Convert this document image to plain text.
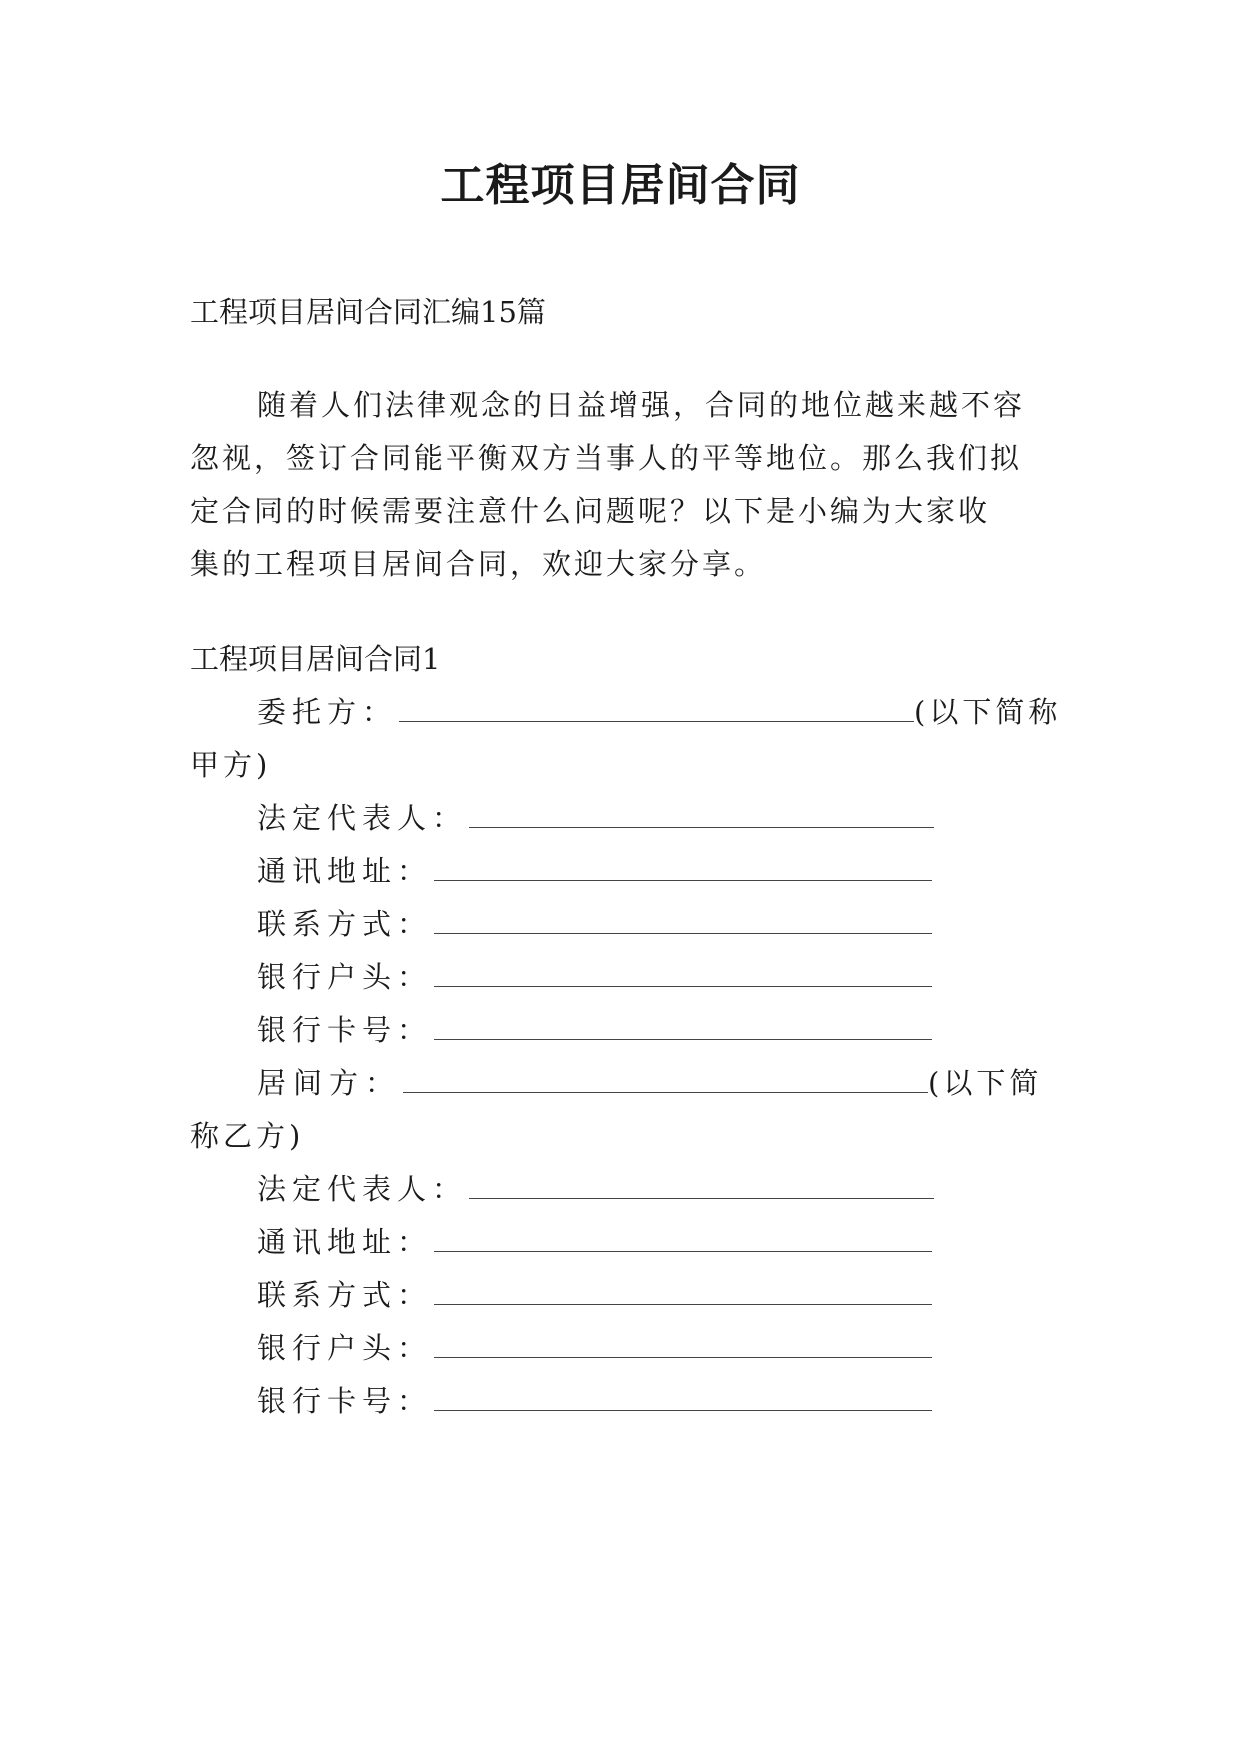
工程项目居间合同
工程项目居间合同汇编15篇
随着人们法律观念的日益增强，合同的地位越来越不容
忽视，签订合同能平衡双方当事人的平等地位。那么我们拟
定合同的时候需要注意什么问题呢？以下是小编为大家收
集的工程项目居间合同，欢迎大家分享。
工程项目居间合同1
委托方：	(以下简称
甲方)
法定代表人：
通讯地址：
联系方式：
银行户头：
银行卡号：
居间方：	(以下简
称乙方)
法定代表人：
通讯地址：
联系方式：
银行户头：
银行卡号：
